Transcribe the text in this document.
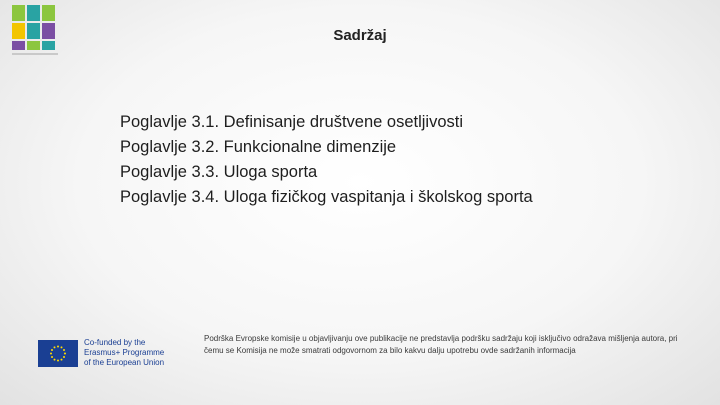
Sadržaj
Poglavlje 3.1. Definisanje društvene osetljivosti
Poglavlje 3.2. Funkcionalne dimenzije
Poglavlje 3.3. Uloga sporta
Poglavlje 3.4. Uloga fizičkog vaspitanja i školskog sporta
Co-funded by the
Erasmus+ Programme
of the European Union
Podrška Evropske komisije u objavljivanju ove publikacije ne predstavlja podršku sadržaju koji isključivo odražava mišljenja autora, pri čemu se Komisija ne može smatrati odgovornom za bilo kakvu dalju upotrebu ovde sadržanih informacija
